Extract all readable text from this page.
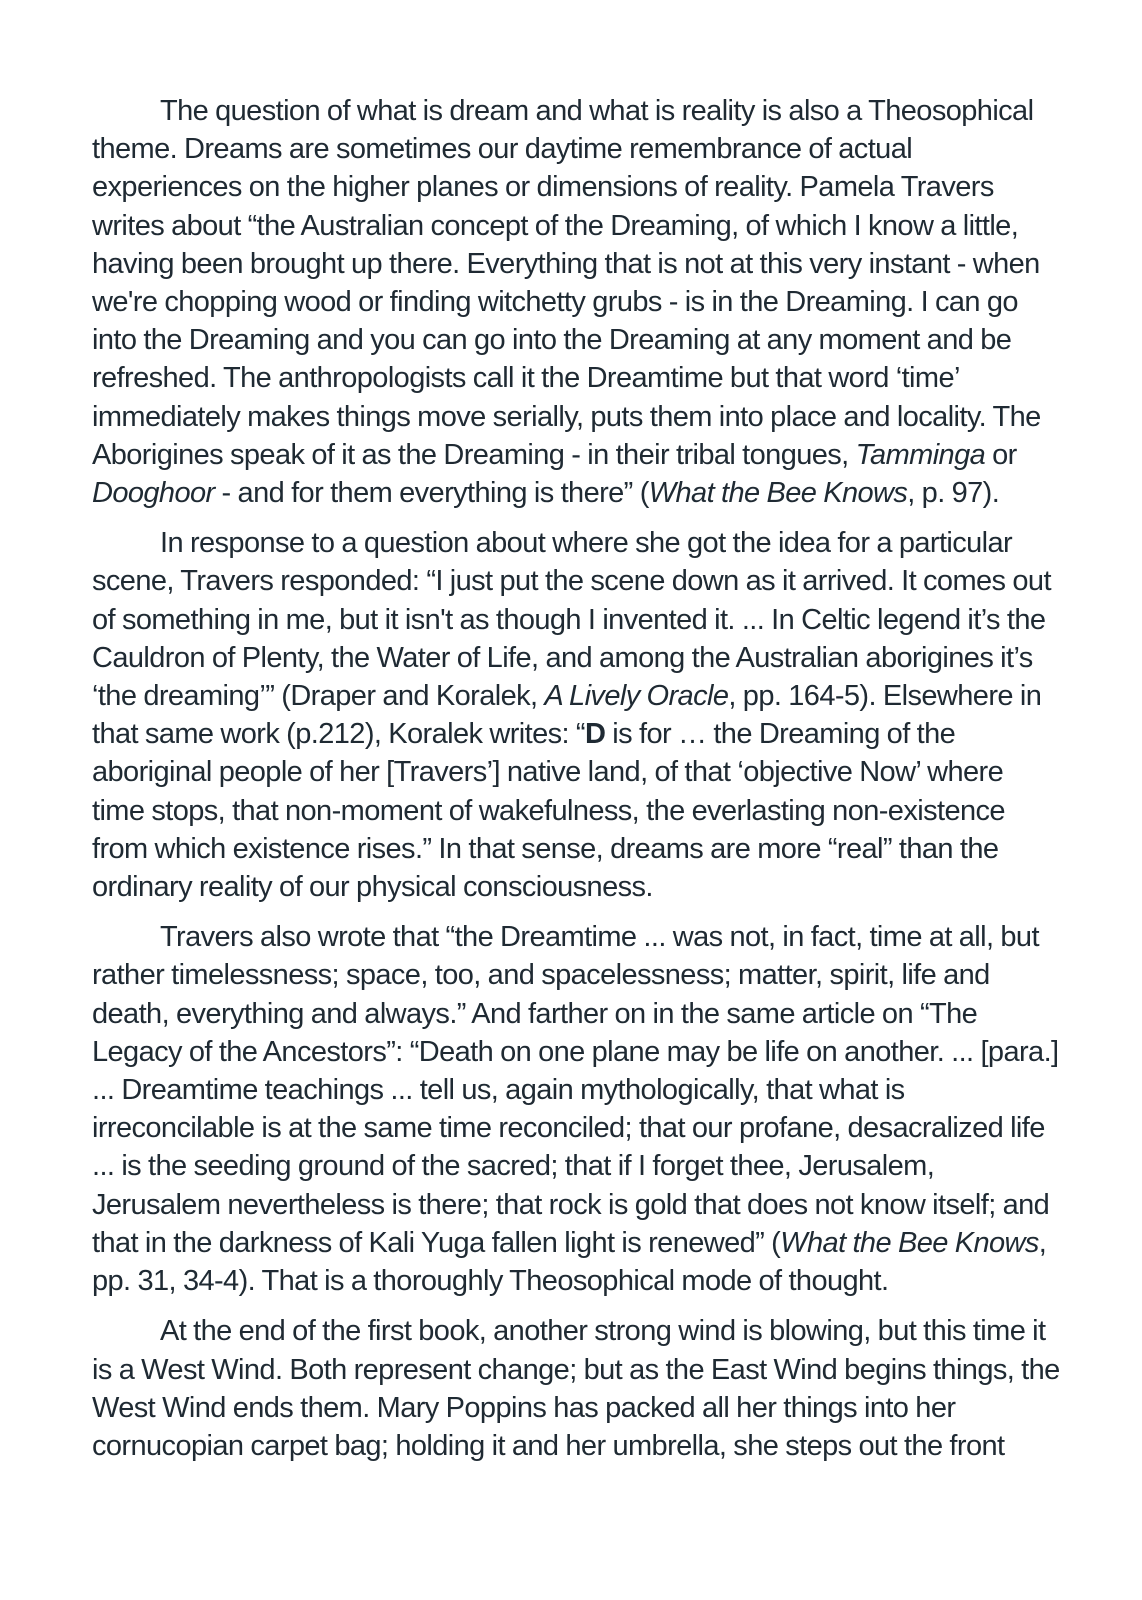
The question of what is dream and what is reality is also a Theosophical theme. Dreams are sometimes our daytime remembrance of actual experiences on the higher planes or dimensions of reality. Pamela Travers writes about “the Australian concept of the Dreaming, of which I know a little, having been brought up there. Everything that is not at this very instant - when we're chopping wood or finding witchetty grubs - is in the Dreaming. I can go into the Dreaming and you can go into the Dreaming at any moment and be refreshed. The anthropologists call it the Dreamtime but that word ‘time’ immediately makes things move serially, puts them into place and locality. The Aborigines speak of it as the Dreaming - in their tribal tongues, Tamminga or Dooghoor - and for them everything is there” (What the Bee Knows, p. 97).

In response to a question about where she got the idea for a particular scene, Travers responded: “I just put the scene down as it arrived. It comes out of something in me, but it isn't as though I invented it. ... In Celtic legend it’s the Cauldron of Plenty, the Water of Life, and among the Australian aborigines it’s ‘the dreaming’” (Draper and Koralek, A Lively Oracle, pp. 164-5). Elsewhere in that same work (p.212), Koralek writes: “D is for … the Dreaming of the aboriginal people of her [Travers’] native land, of that ‘objective Now’ where time stops, that non-moment of wakefulness, the everlasting non-existence from which existence rises.” In that sense, dreams are more “real” than the ordinary reality of our physical consciousness.

Travers also wrote that “the Dreamtime ... was not, in fact, time at all, but rather timelessness; space, too, and spacelessness; matter, spirit, life and death, everything and always.” And farther on in the same article on “The Legacy of the Ancestors”: “Death on one plane may be life on another. ... [para.] ... Dreamtime teachings ... tell us, again mythologically, that what is irreconcilable is at the same time reconciled; that our profane, desacralized life ... is the seeding ground of the sacred; that if I forget thee, Jerusalem, Jerusalem nevertheless is there; that rock is gold that does not know itself; and that in the darkness of Kali Yuga fallen light is renewed” (What the Bee Knows, pp. 31, 34-4). That is a thoroughly Theosophical mode of thought.

At the end of the first book, another strong wind is blowing, but this time it is a West Wind. Both represent change; but as the East Wind begins things, the West Wind ends them. Mary Poppins has packed all her things into her cornucopian carpet bag; holding it and her umbrella, she steps out the front
